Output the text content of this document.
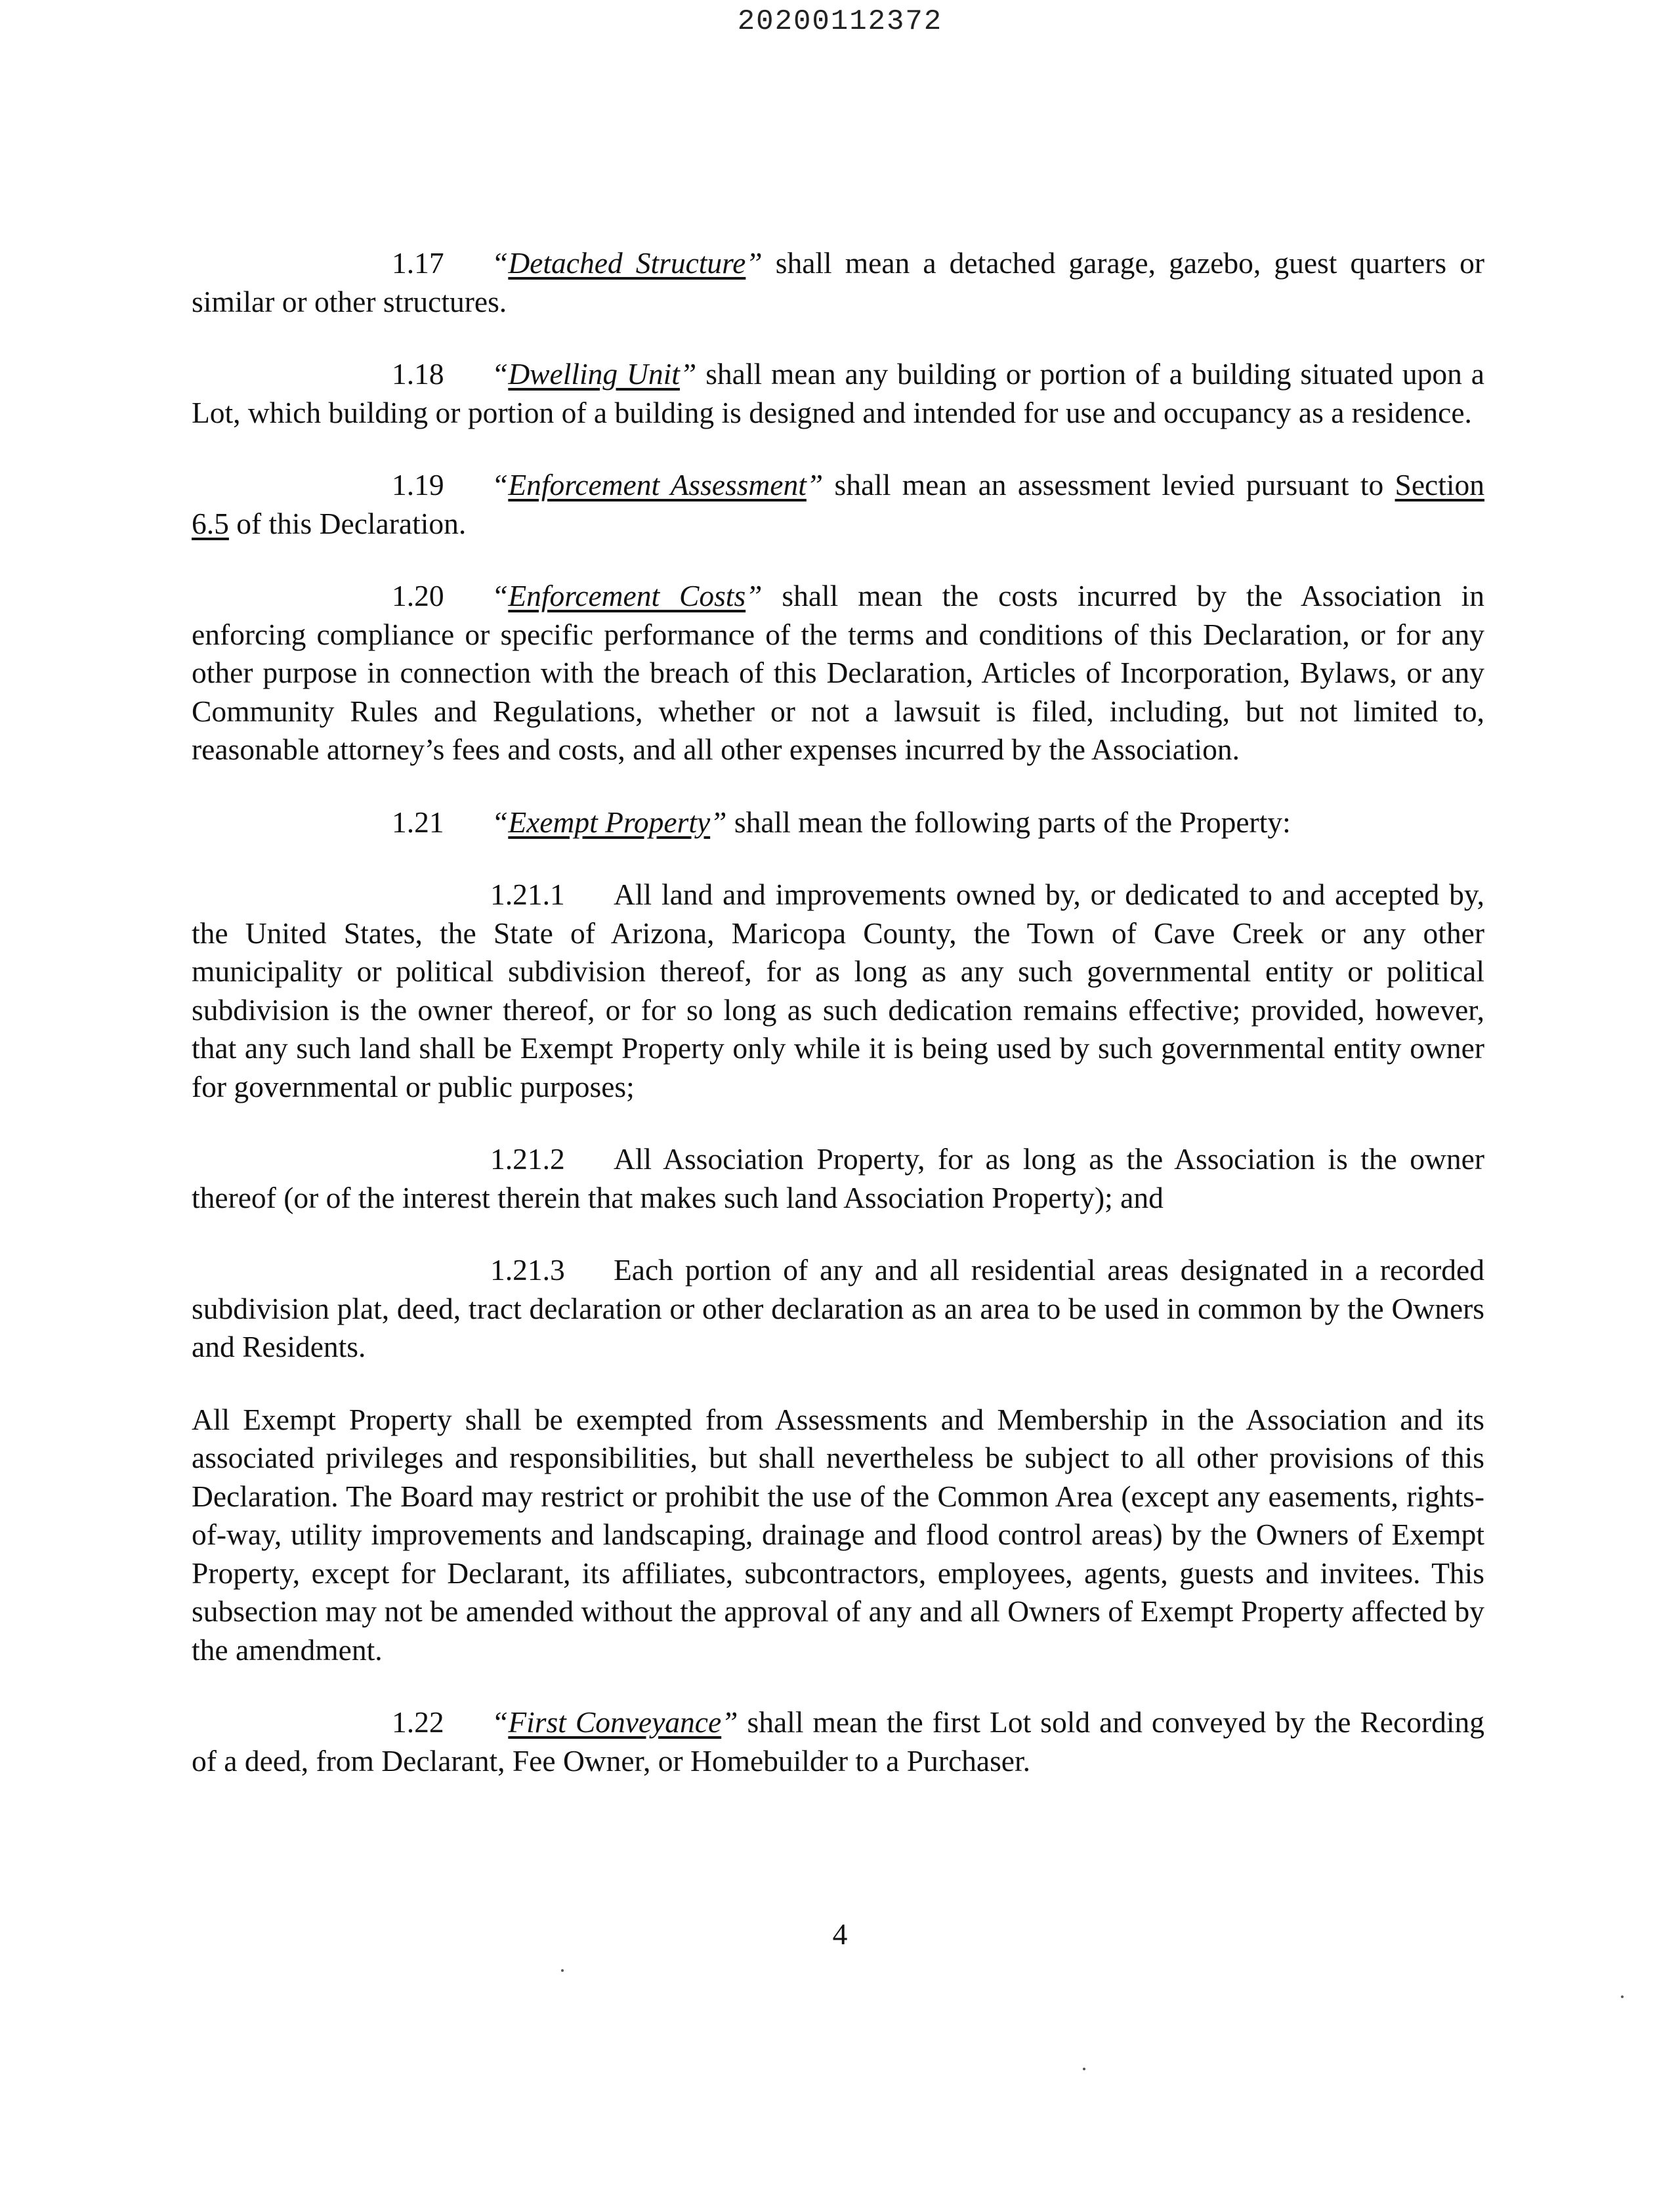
20200112372

1.17 “Detached Structure” shall mean a detached garage, gazebo, guest quarters or similar or other structures.

1.18 “Dwelling Unit” shall mean any building or portion of a building situated upon a Lot, which building or portion of a building is designed and intended for use and occupancy as a residence.

1.19 “Enforcement Assessment” shall mean an assessment levied pursuant to Section 6.5 of this Declaration.

1.20 “Enforcement Costs” shall mean the costs incurred by the Association in enforcing compliance or specific performance of the terms and conditions of this Declaration, or for any other purpose in connection with the breach of this Declaration, Articles of Incorporation, Bylaws, or any Community Rules and Regulations, whether or not a lawsuit is filed, including, but not limited to, reasonable attorney’s fees and costs, and all other expenses incurred by the Association.

1.21 “Exempt Property” shall mean the following parts of the Property:

1.21.1 All land and improvements owned by, or dedicated to and accepted by, the United States, the State of Arizona, Maricopa County, the Town of Cave Creek or any other municipality or political subdivision thereof, for as long as any such governmental entity or political subdivision is the owner thereof, or for so long as such dedication remains effective; provided, however, that any such land shall be Exempt Property only while it is being used by such governmental entity owner for governmental or public purposes;

1.21.2 All Association Property, for as long as the Association is the owner thereof (or of the interest therein that makes such land Association Property); and

1.21.3 Each portion of any and all residential areas designated in a recorded subdivision plat, deed, tract declaration or other declaration as an area to be used in common by the Owners and Residents.

All Exempt Property shall be exempted from Assessments and Membership in the Association and its associated privileges and responsibilities, but shall nevertheless be subject to all other provisions of this Declaration. The Board may restrict or prohibit the use of the Common Area (except any easements, rights-of-way, utility improvements and landscaping, drainage and flood control areas) by the Owners of Exempt Property, except for Declarant, its affiliates, subcontractors, employees, agents, guests and invitees. This subsection may not be amended without the approval of any and all Owners of Exempt Property affected by the amendment.

1.22 “First Conveyance” shall mean the first Lot sold and conveyed by the Recording of a deed, from Declarant, Fee Owner, or Homebuilder to a Purchaser.

4
